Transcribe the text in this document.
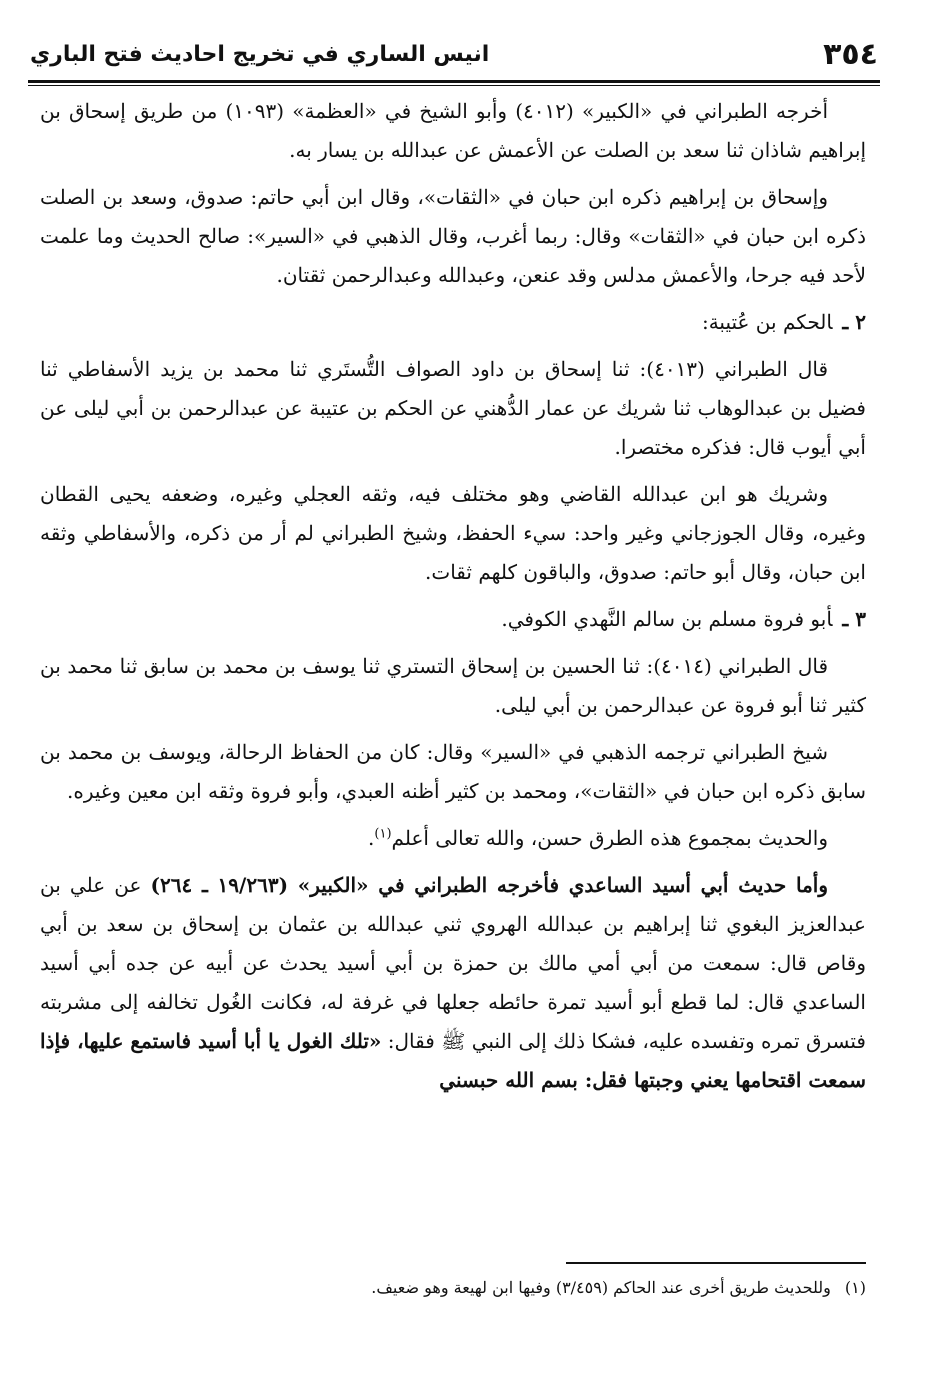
٣٥٤
انيس الساري في تخريج احاديث فتح الباري

أخرجه الطبراني في «الكبير» (٤٠١٢) وأبو الشيخ في «العظمة» (١٠٩٣) من طريق إسحاق بن إبراهيم شاذان ثنا سعد بن الصلت عن الأعمش عن عبدالله بن يسار به.

وإسحاق بن إبراهيم ذكره ابن حبان في «الثقات»، وقال ابن أبي حاتم: صدوق، وسعد بن الصلت ذكره ابن حبان في «الثقات» وقال: ربما أغرب، وقال الذهبي في «السير»: صالح الحديث وما علمت لأحد فيه جرحا، والأعمش مدلس وقد عنعن، وعبدالله وعبدالرحمن ثقتان.

٢ ـالحكم بن عُتيبة:

قال الطبراني (٤٠١٣): ثنا إسحاق بن داود الصواف التُّستَري ثنا محمد بن يزيد الأسفاطي ثنا فضيل بن عبدالوهاب ثنا شريك عن عمار الدُّهني عن الحكم بن عتيبة عن عبدالرحمن بن أبي ليلى عن أبي أيوب قال: فذكره مختصرا.

وشريك هو ابن عبدالله القاضي وهو مختلف فيه، وثقه العجلي وغيره، وضعفه يحيى القطان وغيره، وقال الجوزجاني وغير واحد: سيء الحفظ، وشيخ الطبراني لم أر من ذكره، والأسفاطي وثقه ابن حبان، وقال أبو حاتم: صدوق، والباقون كلهم ثقات.

٣ ـأبو فروة مسلم بن سالم النَّهدي الكوفي.

قال الطبراني (٤٠١٤): ثنا الحسين بن إسحاق التستري ثنا يوسف بن محمد بن سابق ثنا محمد بن كثير ثنا أبو فروة عن عبدالرحمن بن أبي ليلى.

شيخ الطبراني ترجمه الذهبي في «السير» وقال: كان من الحفاظ الرحالة، ويوسف بن محمد بن سابق ذكره ابن حبان في «الثقات»، ومحمد بن كثير أظنه العبدي، وأبو فروة وثقه ابن معين وغيره.

والحديث بمجموع هذه الطرق حسن، والله تعالى أعلم$^{(١)}$.

وأما حديث أبي أسيد الساعدي فأخرجه الطبراني في «الكبير» (١٩/٢٦٣ ـ ٢٦٤) عن علي بن عبدالعزيز البغوي ثنا إبراهيم بن عبدالله الهروي ثني عبدالله بن عثمان بن إسحاق بن سعد بن أبي وقاص قال: سمعت من أبي أمي مالك بن حمزة بن أبي أسيد يحدث عن أبيه عن جده أبي أسيد الساعدي قال: لما قطع أبو أسيد تمرة حائطه جعلها في غرفة له، فكانت الغُول تخالفه إلى مشربته فتسرق تمره وتفسده عليه، فشكا ذلك إلى النبي ﷺ فقال: «تلك الغول يا أبا أسيد فاستمع عليها، فإذا سمعت اقتحامها يعني وجبتها فقل: بسم الله حبسني

(١)وللحديث طريق أخرى عند الحاكم (٣/٤٥٩) وفيها ابن لهيعة وهو ضعيف.
